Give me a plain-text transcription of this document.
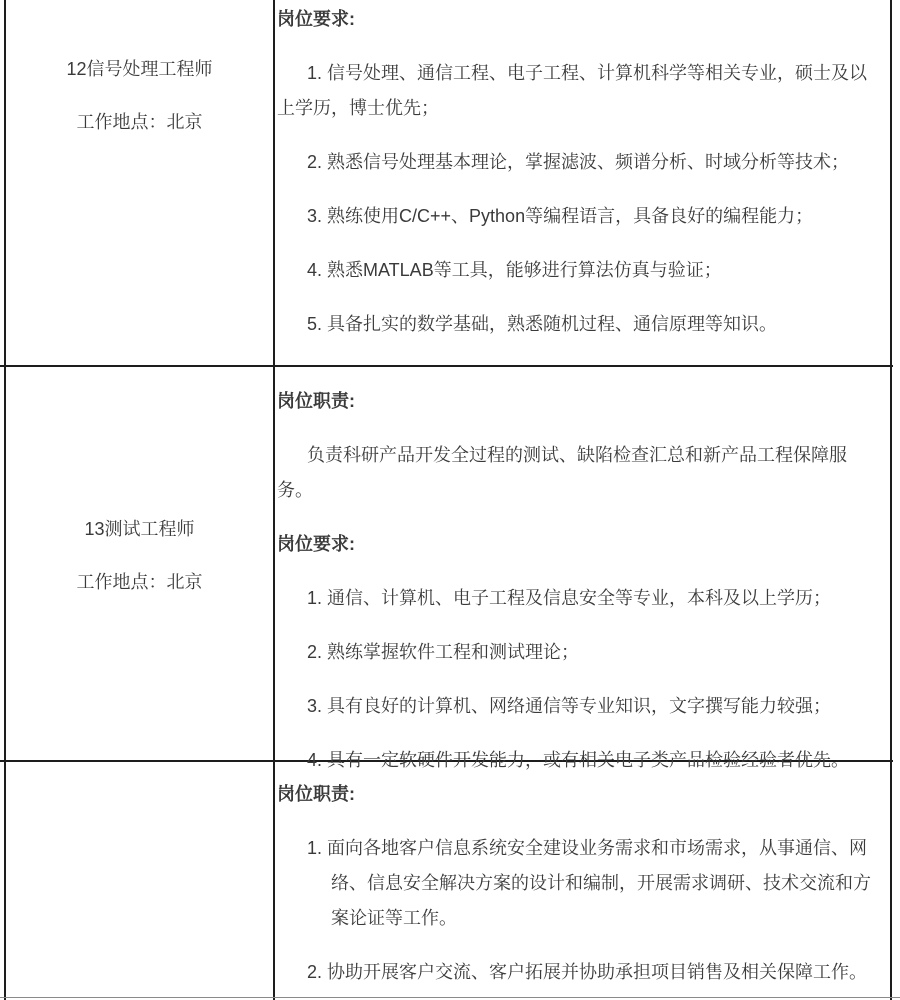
12信号处理工程师

工作地点：北京

岗位要求:

1. 信号处理、通信工程、电子工程、计算机科学等相关专业，硕士及以上学历，博士优先；

2. 熟悉信号处理基本理论，掌握滤波、频谱分析、时域分析等技术；

3. 熟练使用C/C++、Python等编程语言，具备良好的编程能力；

4. 熟悉MATLAB等工具，能够进行算法仿真与验证；

5. 具备扎实的数学基础，熟悉随机过程、通信原理等知识。

13测试工程师

工作地点：北京

岗位职责:

负责科研产品开发全过程的测试、缺陷检查汇总和新产品工程保障服务。

岗位要求:

1. 通信、计算机、电子工程及信息安全等专业，本科及以上学历；

2. 熟练掌握软件工程和测试理论；

3. 具有良好的计算机、网络通信等专业知识，文字撰写能力较强；

4. 具有一定软硬件开发能力，或有相关电子类产品检验经验者优先。

岗位职责:

1. 面向各地客户信息系统安全建设业务需求和市场需求，从事通信、网络、信息安全解决方案的设计和编制，开展需求调研、技术交流和方案论证等工作。

2. 协助开展客户交流、客户拓展并协助承担项目销售及相关保障工作。
